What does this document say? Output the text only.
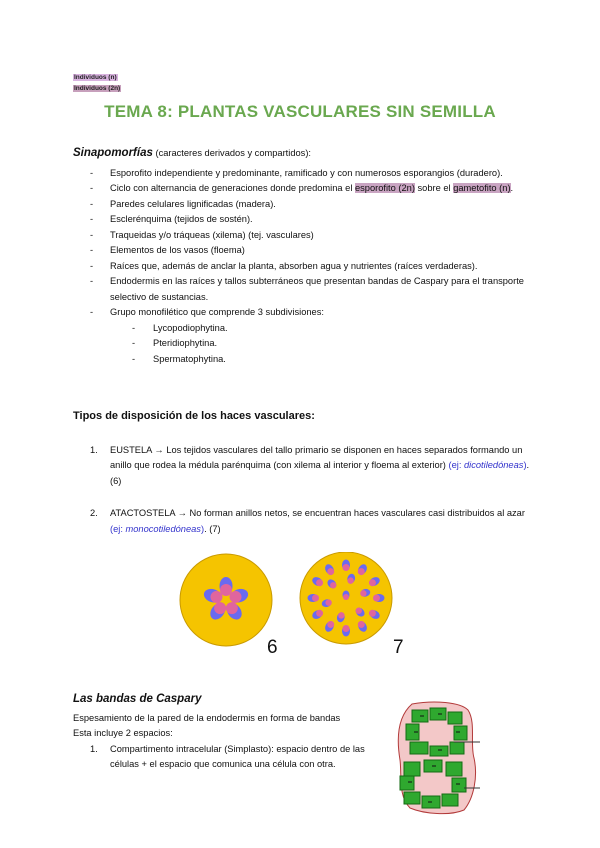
Individuos (n)
Individuos (2n)
TEMA 8: PLANTAS VASCULARES SIN SEMILLA
Sinapomorfías (caracteres derivados y compartidos):
- Esporofito independiente y predominante, ramificado y con numerosos esporangios (duradero).
- Ciclo con alternancia de generaciones donde predomina el esporofito (2n) sobre el gametofito (n).
- Paredes celulares lignificadas (madera).
- Esclerénquima (tejidos de sostén).
- Traqueidas y/o tráqueas (xilema) (tej. vasculares)
- Elementos de los vasos (floema)
- Raíces que, además de anclar la planta, absorben agua y nutrientes (raíces verdaderas).
- Endodermis en las raíces y tallos subterráneos que presentan bandas de Caspary para el transporte selectivo de sustancias.
- Grupo monofilético que comprende 3 subdivisiones:
- Lycopodiophytina.
- Pteridiophytina.
- Spermatophytina.
Tipos de disposición de los haces vasculares:
1. EUSTELA → Los tejidos vasculares del tallo primario se disponen en haces separados formando un anillo que rodea la médula parénquima (con xilema al interior y floema al exterior) (ej: dicotiledóneas). (6)
2. ATACTOSTELA → No forman anillos netos, se encuentran haces vasculares casi distribuidos al azar (ej: monocotiledóneas). (7)
6	7
Las bandas de Caspary
Espesamiento de la pared de la endodermis en forma de bandas
Esta incluye 2 espacios:
1. Compartimento intracelular (Simplasto): espacio dentro de las células + el espacio que comunica una célula con otra.
